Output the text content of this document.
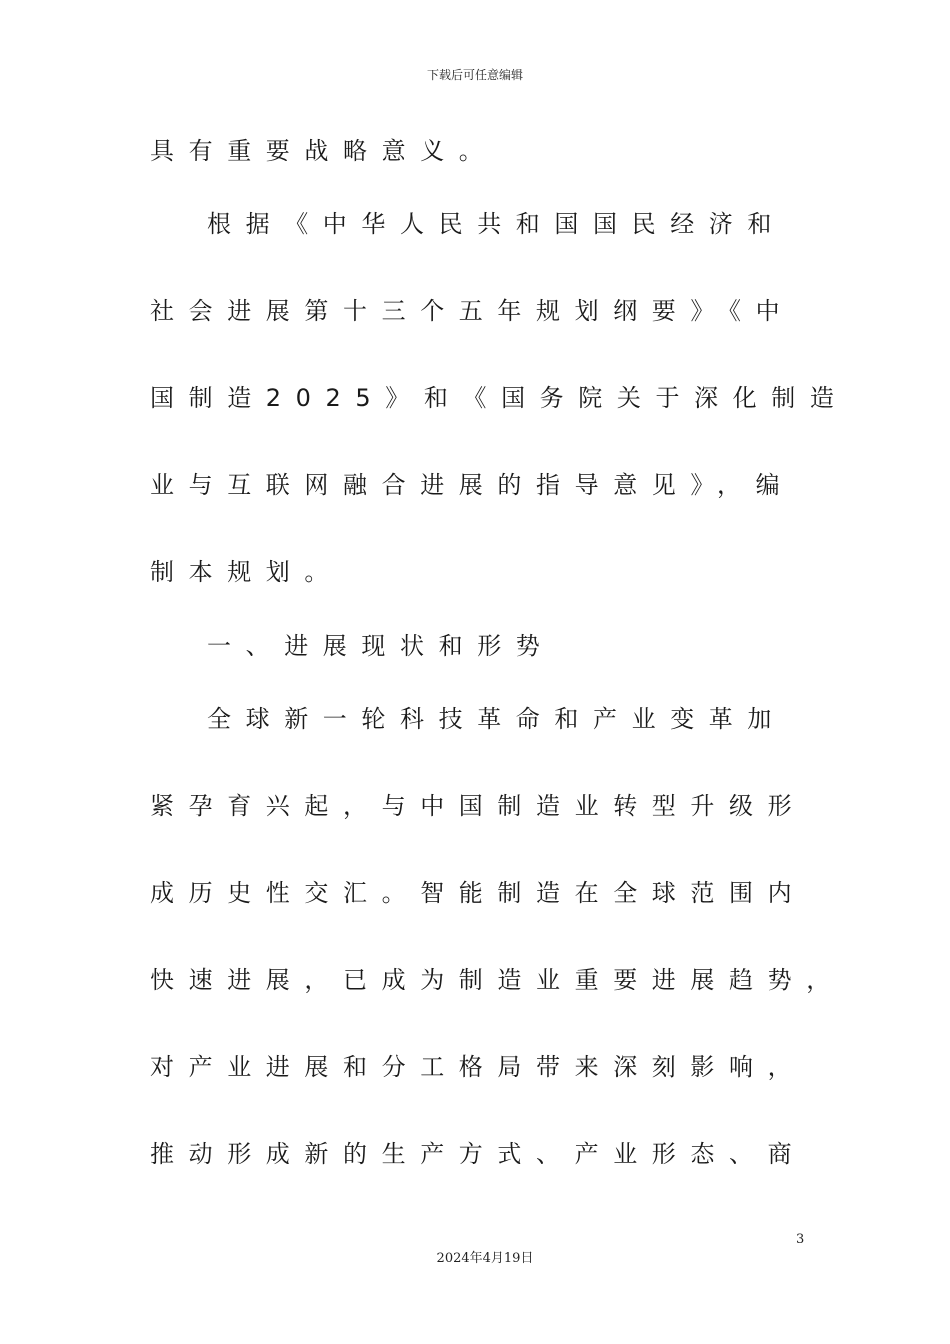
下载后可任意编辑
具有重要战略意义。
根据《中华人民共和国国民经济和
社会进展第十三个五年规划纲要》《中
国制造2025》和《国务院关于深化制造
业与互联网融合进展的指导意见》，编
制本规划。
一、进展现状和形势
全球新一轮科技革命和产业变革加
紧孕育兴起，与中国制造业转型升级形
成历史性交汇。智能制造在全球范围内
快速进展，已成为制造业重要进展趋势，
对产业进展和分工格局带来深刻影响，
推动形成新的生产方式、产业形态、商
3
2024年4月19日
